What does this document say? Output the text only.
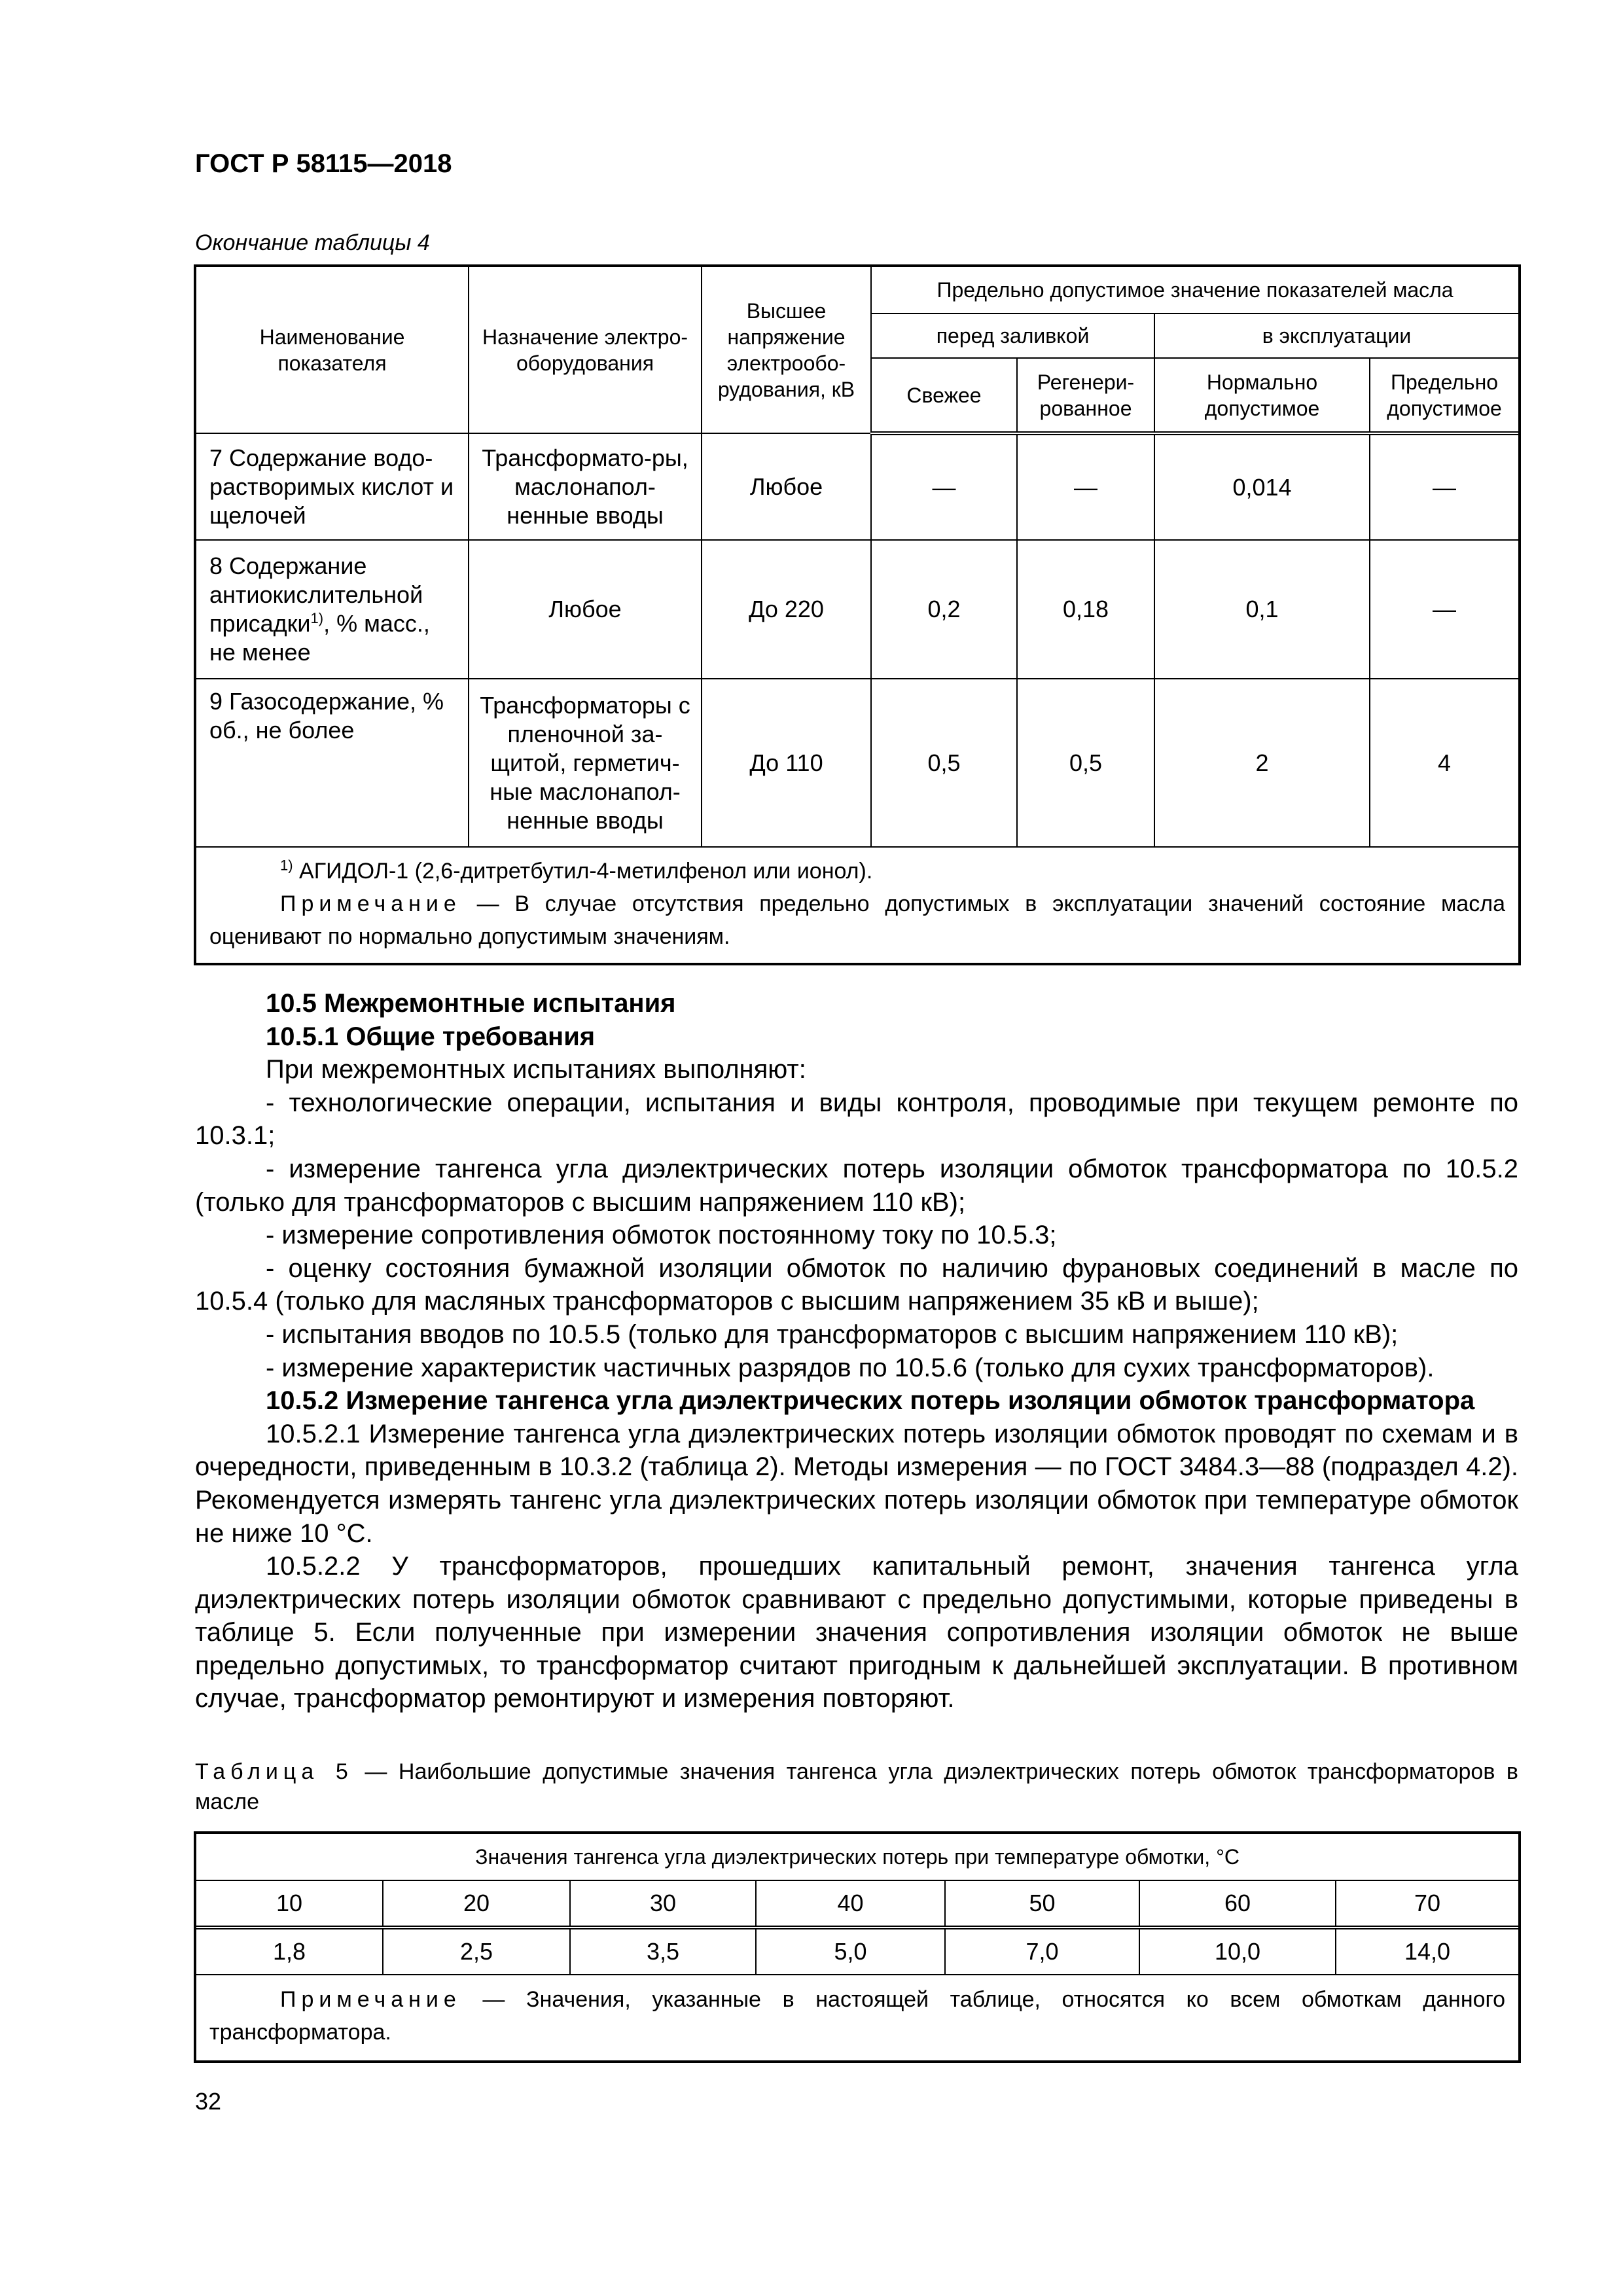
ГОСТ Р 58115—2018
Окончание таблицы 4
Наименование показателя	Назначение электро-оборудования	Высшее напряжение электрообо-рудования, кВ	Предельно допустимое значение показателей масла			
			перед заливкой		в эксплуатации	
			Свежее	Регенери-рованное	Нормально допустимое	Предельно допустимое
7 Содержание водо-растворимых кислот и щелочей	Трансформато-ры, маслонапол-ненные вводы	Любое	—	—	0,014	—
8 Содержание антиокислительной присадки$^{1)}$, % масс., не менее	Любое	До 220	0,2	0,18	0,1	—
9 Газосодержание, % об., не более	Трансформаторы с пленочной за-щитой, герметич-ные маслонапол-ненные вводы	До 110	0,5	0,5	2	4

$^{1)}$ АГИДОЛ-1 (2,6-дитретбутил-4-метилфенол или ионол).

Примечание — В случае отсутствия предельно допустимых в эксплуатации значений состояние масла оценивают по нормально допустимым значениям.						

10.5 Межремонтные испытания

10.5.1 Общие требования

При межремонтных испытаниях выполняют:

- технологические операции, испытания и виды контроля, проводимые при текущем ремонте по 10.3.1;

- измерение тангенса угла диэлектрических потерь изоляции обмоток трансформатора по 10.5.2 (только для трансформаторов с высшим напряжением 110 кВ);

- измерение сопротивления обмоток постоянному току по 10.5.3;

- оценку состояния бумажной изоляции обмоток по наличию фурановых соединений в масле по 10.5.4 (только для масляных трансформаторов с высшим напряжением 35 кВ и выше);

- испытания вводов по 10.5.5 (только для трансформаторов с высшим напряжением 110 кВ);

- измерение характеристик частичных разрядов по 10.5.6 (только для сухих трансформаторов).

10.5.2 Измерение тангенса угла диэлектрических потерь изоляции обмоток трансформатора

10.5.2.1 Измерение тангенса угла диэлектрических потерь изоляции обмоток проводят по схемам и в очередности, приведенным в 10.3.2 (таблица 2). Методы измерения — по ГОСТ 3484.3—88 (подраздел 4.2). Рекомендуется измерять тангенс угла диэлектрических потерь изоляции обмоток при температуре обмоток не ниже 10 °С.

10.5.2.2 У трансформаторов, прошедших капитальный ремонт, значения тангенса угла диэлектрических потерь изоляции обмоток сравнивают с предельно допустимыми, которые приведены в таблице 5. Если полученные при измерении значения сопротивления изоляции обмоток не выше предельно допустимых, то трансформатор считают пригодным к дальнейшей эксплуатации. В противном случае, трансформатор ремонтируют и измерения повторяют.

Таблица 5 — Наибольшие допустимые значения тангенса угла диэлектрических потерь обмоток трансформаторов в масле
Значения тангенса угла диэлектрических потерь при температуре обмотки, °С						
10	20	30	40	50	60	70
1,8	2,5	3,5	5,0	7,0	10,0	14,0

Примечание — Значения, указанные в настоящей таблице, относятся ко всем обмоткам данного трансформатора.						

32
